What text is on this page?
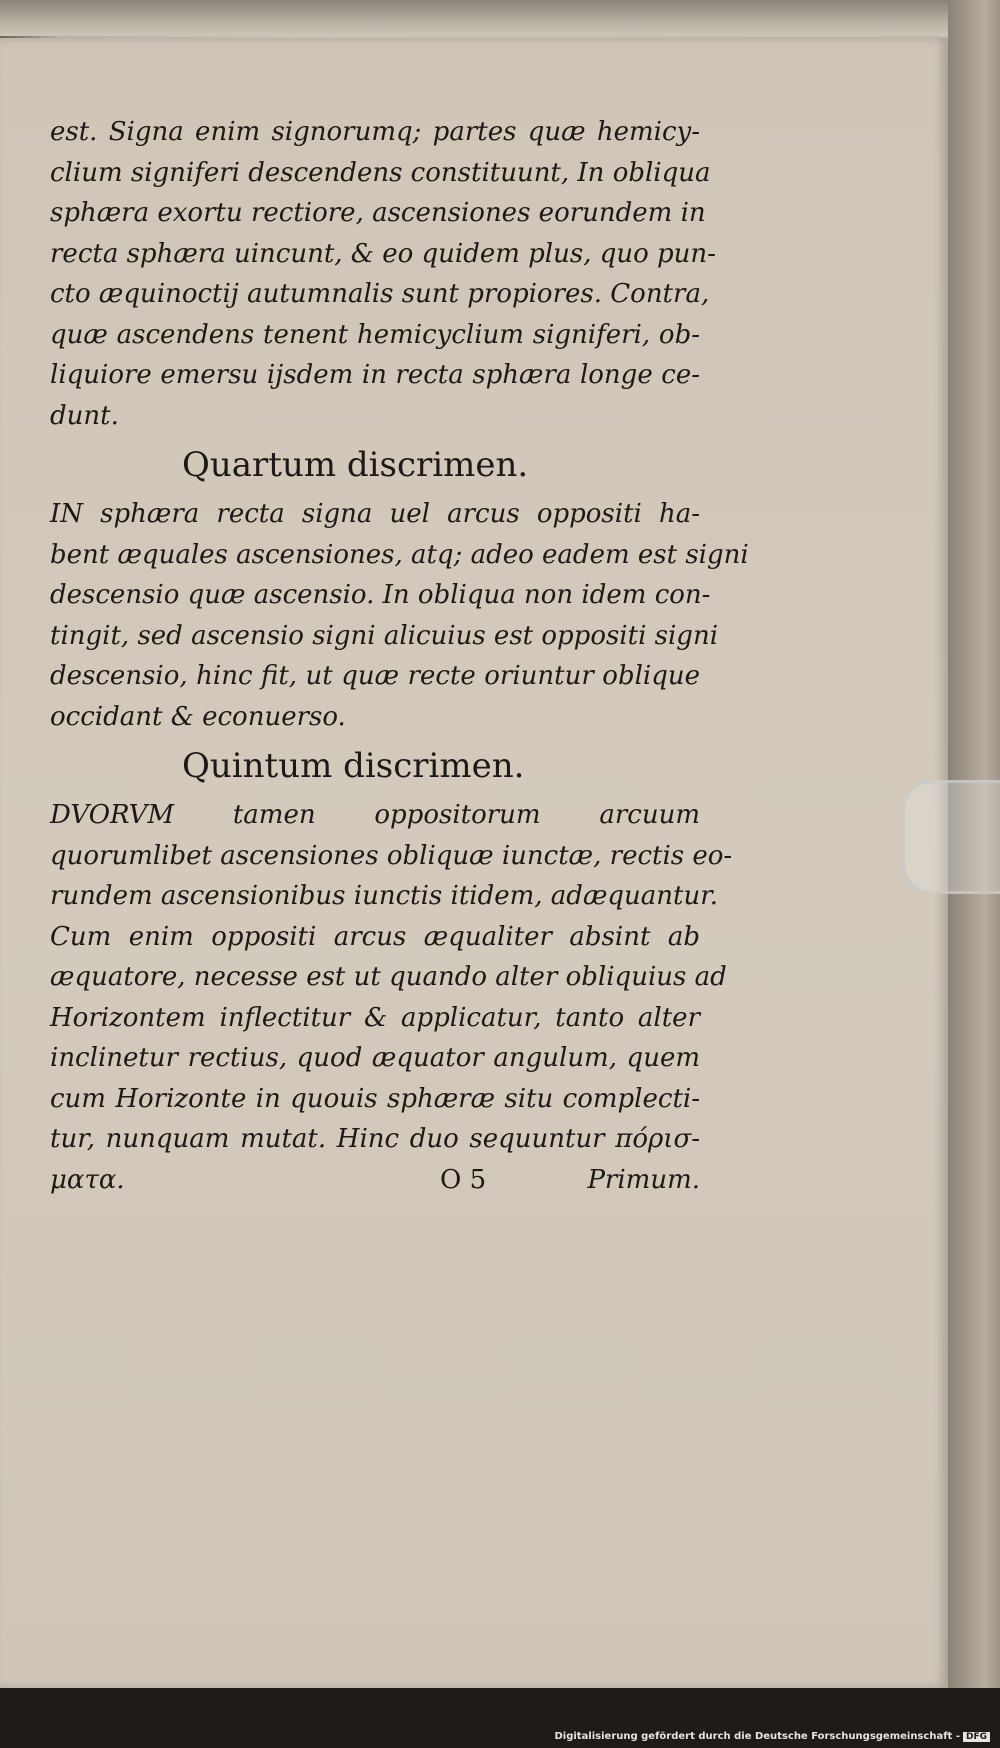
est. Signa enim signorumq; partes quæ hemicy-
clium signiferi descendens constituunt, In obliqua
sphæra exortu rectiore, ascensiones eorundem in
recta sphæra uincunt, & eo quidem plus, quo pun-
cto æquinoctij autumnalis sunt propiores. Contra,
quæ ascendens tenent hemicyclium signiferi, ob-
liquiore emersu ijsdem in recta sphæra longe ce-
dunt.
Quartum discrimen.
IN sphæra recta signa uel arcus oppositi ha-
bent æquales ascensiones, atq; adeo eadem est signi
descensio quæ ascensio. In obliqua non idem con-
tingit, sed ascensio signi alicuius est oppositi signi
descensio, hinc fit, ut quæ recte oriuntur oblique
occidant & econuerso.
Quintum discrimen.
DVORVM tamen oppositorum arcuum
quorumlibet ascensiones obliquæ iunctæ, rectis eo-
rundem ascensionibus iunctis itidem, adæquantur.
Cum enim oppositi arcus æqualiter absint ab
æquatore, necesse est ut quando alter obliquius ad
Horizontem inflectitur & applicatur, tanto alter
inclinetur rectius, quod æquator angulum, quem
cum Horizonte in quouis sphæræ situ complecti-
tur, nunquam mutat. Hinc duo sequuntur πόρισ-
ματα.	O 5	Primum.
Digitalisierung gefördert durch die Deutsche Forschungsgemeinschaft - DFG
